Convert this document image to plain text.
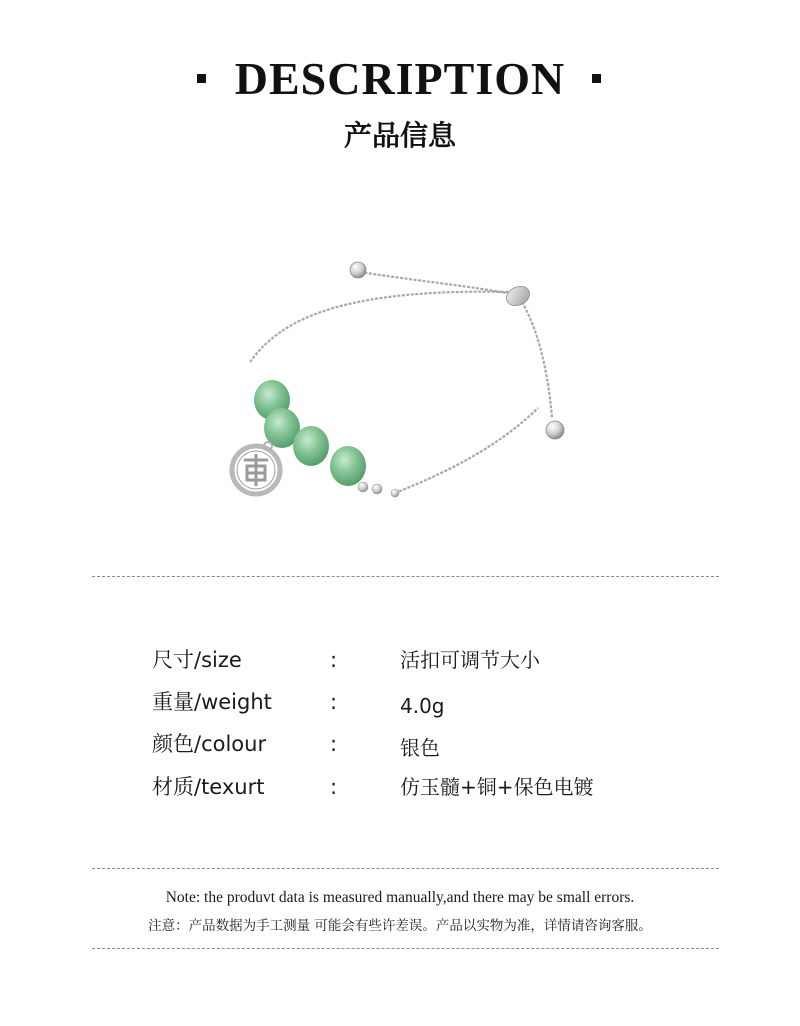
DESCRIPTION
产品信息
尺寸/size	:	活扣可调节大小
重量/weight	:	4.0g
颜色/colour	:	银色
材质/texurt	:	仿玉髓+铜+保色电镀
Note: the produvt data is measured manually,and there may be small errors.
注意：产品数据为手工测量 可能会有些许差误。产品以实物为准，详情请咨询客服。
